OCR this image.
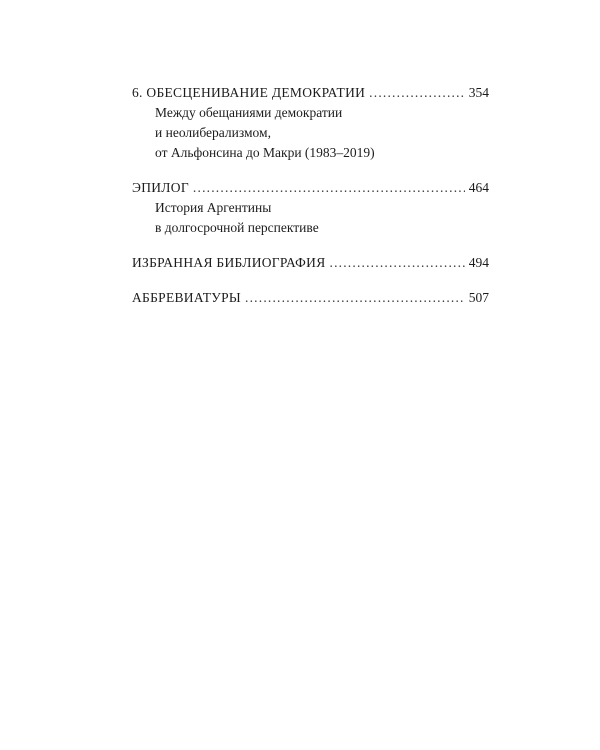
6. ОБЕСЦЕНИВАНИЕ ДЕМОКРАТИИ .....	354
Между обещаниями демократии
и неолиберализмом,
от Альфонсина до Макри (1983–2019)
ЭПИЛОГ .....	464
История Аргентины
в долгосрочной перспективе
ИЗБРАННАЯ БИБЛИОГРАФИЯ .....	494
АББРЕВИАТУРЫ .....	507
